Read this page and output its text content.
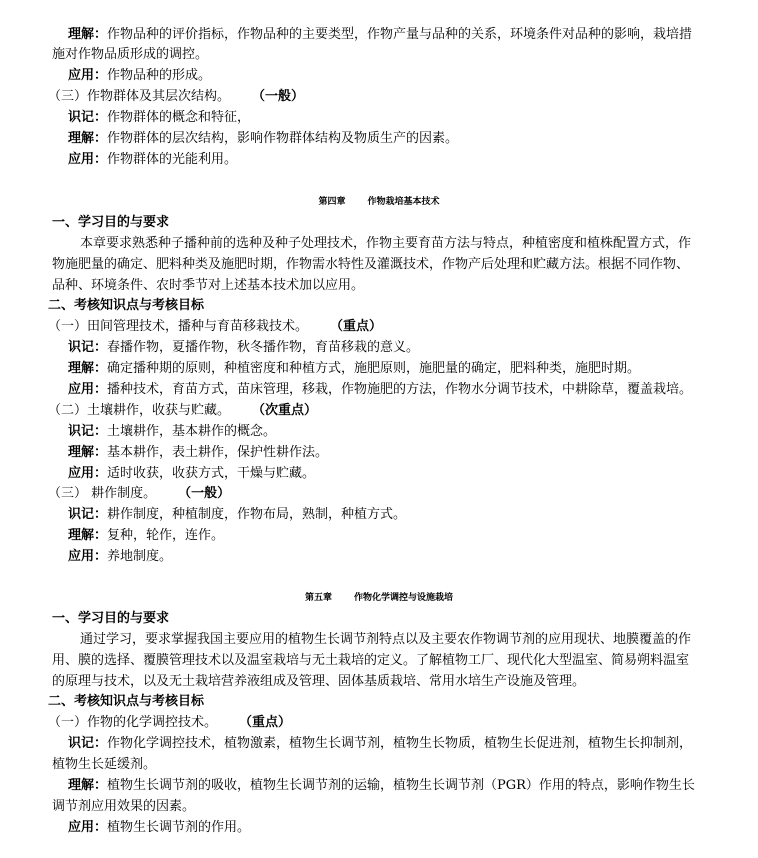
理解：作物品种的评价指标，作物品种的主要类型，作物产量与品种的关系，环境条件对品种的影响，栽培措
施对作物品质形成的调控。
应用：作物品种的形成。
（三）作物群体及其层次结构。 （一般）
识记：作物群体的概念和特征，
理解：作物群体的层次结构，影响作物群体结构及物质生产的因素。
应用：作物群体的光能利用。
第四章 作物栽培基本技术
一、学习目的与要求
本章要求熟悉种子播种前的选种及种子处理技术，作物主要育苗方法与特点，种植密度和植株配置方式，作
物施肥量的确定、肥料种类及施肥时期，作物需水特性及灌溉技术，作物产后处理和贮藏方法。根据不同作物、
品种、环境条件、农时季节对上述基本技术加以应用。
二、考核知识点与考核目标
（一）田间管理技术，播种与育苗移栽技术。 （重点）
识记：春播作物，夏播作物，秋冬播作物，育苗移栽的意义。
理解：确定播种期的原则，种植密度和种植方式，施肥原则，施肥量的确定，肥料种类，施肥时期。
应用：播种技术，育苗方式，苗床管理，移栽，作物施肥的方法，作物水分调节技术，中耕除草，覆盖栽培。
（二）土壤耕作，收获与贮藏。 （次重点）
识记：土壤耕作，基本耕作的概念。
理解：基本耕作，表土耕作，保护性耕作法。
应用：适时收获，收获方式，干燥与贮藏。
（三） 耕作制度。 （一般）
识记：耕作制度，种植制度，作物布局，熟制，种植方式。
理解：复种，轮作，连作。
应用：养地制度。
第五章 作物化学调控与设施栽培
一、学习目的与要求
通过学习，要求掌握我国主要应用的植物生长调节剂特点以及主要农作物调节剂的应用现状、地膜覆盖的作
用、膜的选择、覆膜管理技术以及温室栽培与无土栽培的定义。了解植物工厂、现代化大型温室、简易朔料温室
的原理与技术，以及无土栽培营养液组成及管理、固体基质栽培、常用水培生产设施及管理。
二、考核知识点与考核目标
（一）作物的化学调控技术。 （重点）
识记：作物化学调控技术，植物激素，植物生长调节剂，植物生长物质，植物生长促进剂，植物生长抑制剂，
植物生长延缓剂。
理解：植物生长调节剂的吸收，植物生长调节剂的运输，植物生长调节剂（PGR）作用的特点，影响作物生长
调节剂应用效果的因素。
应用：植物生长调节剂的作用。
